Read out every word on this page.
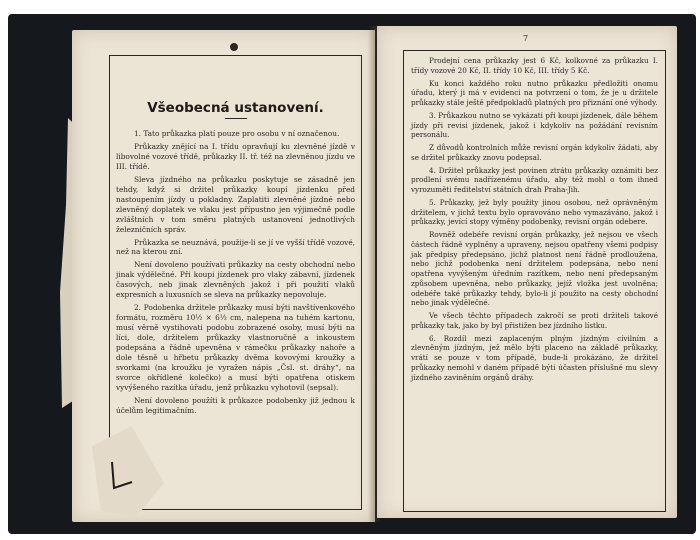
Všeobecná ustanovení.

1. Tato průkazka platí pouze pro osobu v ní označenou.

Průkazky znějící na I. třídu opravňují ku zlevněné jízdě v libovolné vozové třídě, průkazky II. tř. též na zlevněnou jízdu ve III. třídě.

Sleva jízdného na průkazku poskytuje se zásadně jen tehdy, když si držitel průkazky koupí jízdenku před nastoupením jízdy u pokladny. Zaplatiti zlevněné jízdné nebo zlevněný doplatek ve vlaku jest přípustno jen výjimečně podle zvláštních v tom směru platných ustanovení jednotlivých železničních správ.

Průkazka se neuznává, použije-li se jí ve vyšší třídě vozové, než na kterou zní.

Není dovoleno používati průkazky na cesty obchodní nebo jinak výdělečné. Při koupi jízdenek pro vlaky zábavní, jízdenek časových, neb jinak zlevněných jakož i při použití vlaků expresních a luxusních se sleva na průkazky nepovoluje.

2. Podobenka držitele průkazky musí býti navštívenkového formátu, rozměru 10½ × 6½ cm, nalepena na tuhém kartonu, musí věrně vystihovati podobu zobrazené osoby, musí býti na líci, dole, držitelem průkazky vlastnoručně a inkoustem podepsána a řádně upevněna v rámečku průkazky nahoře a dole těsně u hřbetu průkazky dvěma kovovými kroužky a svorkami (na kroužku je vyražen nápis „Čsl. st. dráhy“, na svorce okřídlené kolečko) a musí býti opatřena otiskem vyvýšeného razítka úřadu, jenž průkazku vyhotovil (sepsal).

Není dovoleno použíti k průkazce podobenky již jednou k účelům legitimačním.

7

Prodejní cena průkazky jest 6 Kč, kolkovné za průkazku I. třídy vozové 20 Kč, II. třídy 10 Kč, III. třídy 5 Kč.

Ku konci každého roku nutno průkazku předložiti onomu úřadu, který ji má v evidenci na potvrzení o tom, že je u držitele průkazky stále ještě předpokladů platných pro přiznání oné výhody.

3. Průkazkou nutno se vykázati při koupi jízdenek, dále během jízdy při revisi jízdenek, jakož i kdykoliv na požádání revisním personálu.

Z důvodů kontrolních může revisní orgán kdykoliv žádati, aby se držitel průkazky znovu podepsal.

4. Držitel průkazky jest povinen ztrátu průkazky oznámiti bez prodlení svému nadřízenému úřadu, aby též mohl o tom ihned vyrozuměti ředitelství státních drah Praha-Jih.

5. Průkazky, jež byly použity jinou osobou, než oprávněným držitelem, v jichž textu bylo opravováno nebo vymazáváno, jakož i průkazky, jevící stopy výměny podobenky, revisní orgán odebere.

Rovněž odebéře revisní orgán průkazky, jež nejsou ve všech částech řádně vyplněny a upraveny, nejsou opatřeny všemi podpisy jak předpisy předepsáno, jichž platnost není řádně prodloužena, nebo jichž podobenka není držitelem podepsána, nebo není opatřena vyvýšeným úředním razítkem, nebo není předepsaným způsobem upevněna, nebo průkazky, jejíž vložka jest uvolněna; odebéře také průkazky tehdy, bylo-li jí použito na cesty obchodní nebo jinak výdělečné.

Ve všech těchto případech zakročí se proti držiteli takové průkazky tak, jako by byl přistižen bez jízdního lístku.

6. Rozdíl mezi zaplaceným plným jízdným cívilním a zlevněným jízdným, jež mělo býti placeno na základě průkazky, vrátí se pouze v tom případě, bude-li prokázáno, že držitel průkazky nemohl v daném případě býti účasten příslušné mu slevy jízdného zaviněním orgánů dráhy.
